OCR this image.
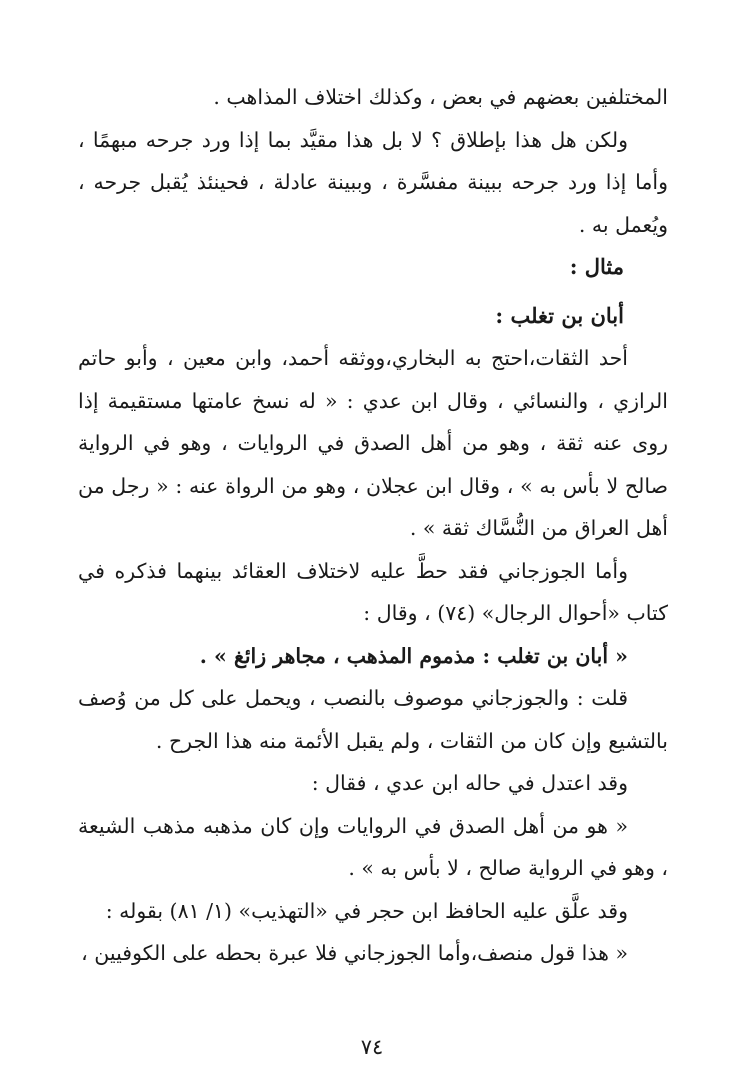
المختلفين بعضهم في بعض ، وكذلك اختلاف المذاهب .

ولكن هل هذا بإطلاق ؟ لا بل هذا مقيَّد بما إذا ورد جرحه مبهمًا ، وأما إذا ورد جرحه ببينة مفسَّرة ، وببينة عادلة ، فحينئذ يُقبل جرحه ، ويُعمل به .

مثال :

أبان بن تغلب :

أحد الثقات،احتج به البخاري،ووثقه أحمد، وابن معين ، وأبو حاتم الرازي ، والنسائي ، وقال ابن عدي : « له نسخ عامتها مستقيمة إذا روى عنه ثقة ، وهو من أهل الصدق في الروايات ، وهو في الرواية صالح لا بأس به » ، وقال ابن عجلان ، وهو من الرواة عنه : « رجل من أهل العراق من النُّسَّاك ثقة » .

وأما الجوزجاني فقد حطَّ عليه لاختلاف العقائد بينهما فذكره في كتاب «أحوال الرجال» (٧٤) ، وقال :

« أبان بن تغلب : مذموم المذهب ، مجاهر زائغ » .

قلت : والجوزجاني موصوف بالنصب ، ويحمل على كل من وُصف بالتشيع وإن كان من الثقات ، ولم يقبل الأئمة منه هذا الجرح .

وقد اعتدل في حاله ابن عدي ، فقال :

« هو من أهل الصدق في الروايات وإن كان مذهبه مذهب الشيعة ، وهو في الرواية صالح ، لا بأس به » .

وقد علَّق عليه الحافظ ابن حجر في «التهذيب» (١/ ٨١) بقوله :

« هذا قول منصف،وأما الجوزجاني فلا عبرة بحطه على الكوفيين ،

٧٤
